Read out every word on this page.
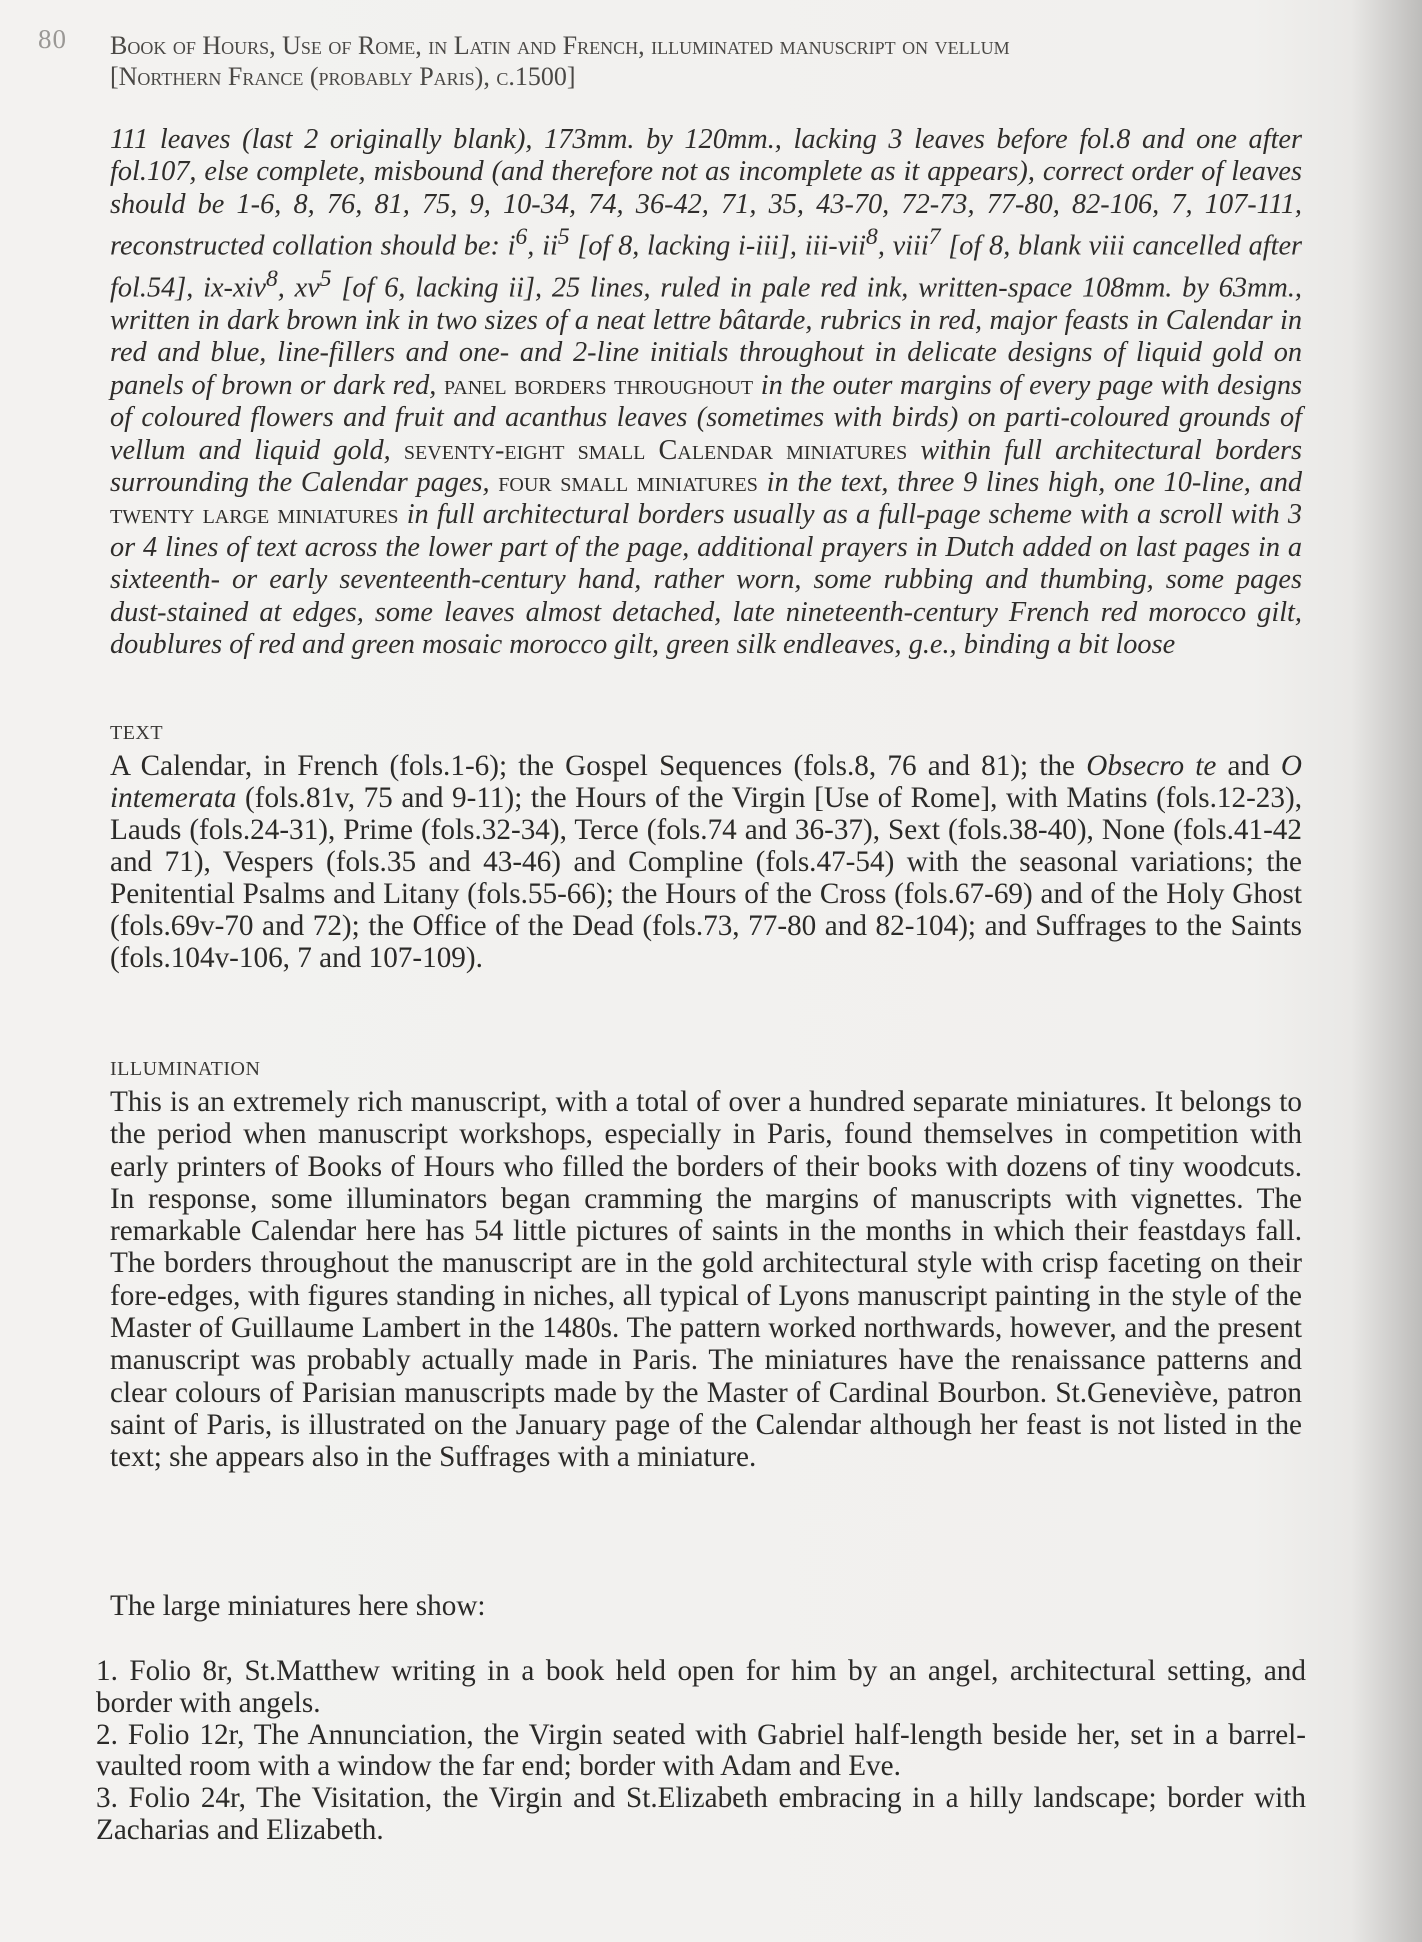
80 Book of Hours, Use of Rome, in Latin and French, illuminated manuscript on vellum
[Northern France (probably Paris), c.1500]
111 leaves (last 2 originally blank), 173mm. by 120mm., lacking 3 leaves before fol.8 and one after fol.107, else complete, misbound (and therefore not as incomplete as it appears), correct order of leaves should be 1-6, 8, 76, 81, 75, 9, 10-34, 74, 36-42, 71, 35, 43-70, 72-73, 77-80, 82-106, 7, 107-111, reconstructed collation should be: $i^6$, $ii^5$ [of 8, lacking i-iii], iii-vii$^8$, viii$^7$ [of 8, blank viii cancelled after fol.54], ix-xiv$^8$, $xv^5$ [of 6, lacking ii], 25 lines, ruled in pale red ink, written-space 108mm. by 63mm., written in dark brown ink in two sizes of a neat lettre bâtarde, rubrics in red, major feasts in Calendar in red and blue, line-fillers and one- and 2-line initials throughout in delicate designs of liquid gold on panels of brown or dark red, panel borders throughout in the outer margins of every page with designs of coloured flowers and fruit and acanthus leaves (sometimes with birds) on parti-coloured grounds of vellum and liquid gold, seventy-eight small Calendar miniatures within full architectural borders surrounding the Calendar pages, four small miniatures in the text, three 9 lines high, one 10-line, and twenty large miniatures in full architectural borders usually as a full-page scheme with a scroll with 3 or 4 lines of text across the lower part of the page, additional prayers in Dutch added on last pages in a sixteenth- or early seventeenth-century hand, rather worn, some rubbing and thumbing, some pages dust-stained at edges, some leaves almost detached, late nineteenth-century French red morocco gilt, doublures of red and green mosaic morocco gilt, green silk endleaves, g.e., binding a bit loose
TEXT
A Calendar, in French (fols.1-6); the Gospel Sequences (fols.8, 76 and 81); the Obsecro te and O intemerata (fols.81v, 75 and 9-11); the Hours of the Virgin [Use of Rome], with Matins (fols.12-23), Lauds (fols.24-31), Prime (fols.32-34), Terce (fols.74 and 36-37), Sext (fols.38-40), None (fols.41-42 and 71), Vespers (fols.35 and 43-46) and Compline (fols.47-54) with the seasonal variations; the Penitential Psalms and Litany (fols.55-66); the Hours of the Cross (fols.67-69) and of the Holy Ghost (fols.69v-70 and 72); the Office of the Dead (fols.73, 77-80 and 82-104); and Suffrages to the Saints (fols.104v-106, 7 and 107-109).
ILLUMINATION
This is an extremely rich manuscript, with a total of over a hundred separate miniatures. It belongs to the period when manuscript workshops, especially in Paris, found themselves in competition with early printers of Books of Hours who filled the borders of their books with dozens of tiny woodcuts. In response, some illuminators began cramming the margins of manuscripts with vignettes. The remarkable Calendar here has 54 little pictures of saints in the months in which their feastdays fall. The borders throughout the manuscript are in the gold architectural style with crisp faceting on their fore-edges, with figures standing in niches, all typical of Lyons manuscript painting in the style of the Master of Guillaume Lambert in the 1480s. The pattern worked northwards, however, and the present manuscript was probably actually made in Paris. The miniatures have the renaissance patterns and clear colours of Parisian manuscripts made by the Master of Cardinal Bourbon. St.Geneviève, patron saint of Paris, is illustrated on the January page of the Calendar although her feast is not listed in the text; she appears also in the Suffrages with a miniature.
The large miniatures here show:
1. Folio 8r, St.Matthew writing in a book held open for him by an angel, architectural setting, and border with angels.
2. Folio 12r, The Annunciation, the Virgin seated with Gabriel half-length beside her, set in a barrel-vaulted room with a window the far end; border with Adam and Eve.
3. Folio 24r, The Visitation, the Virgin and St.Elizabeth embracing in a hilly landscape; border with Zacharias and Elizabeth.
